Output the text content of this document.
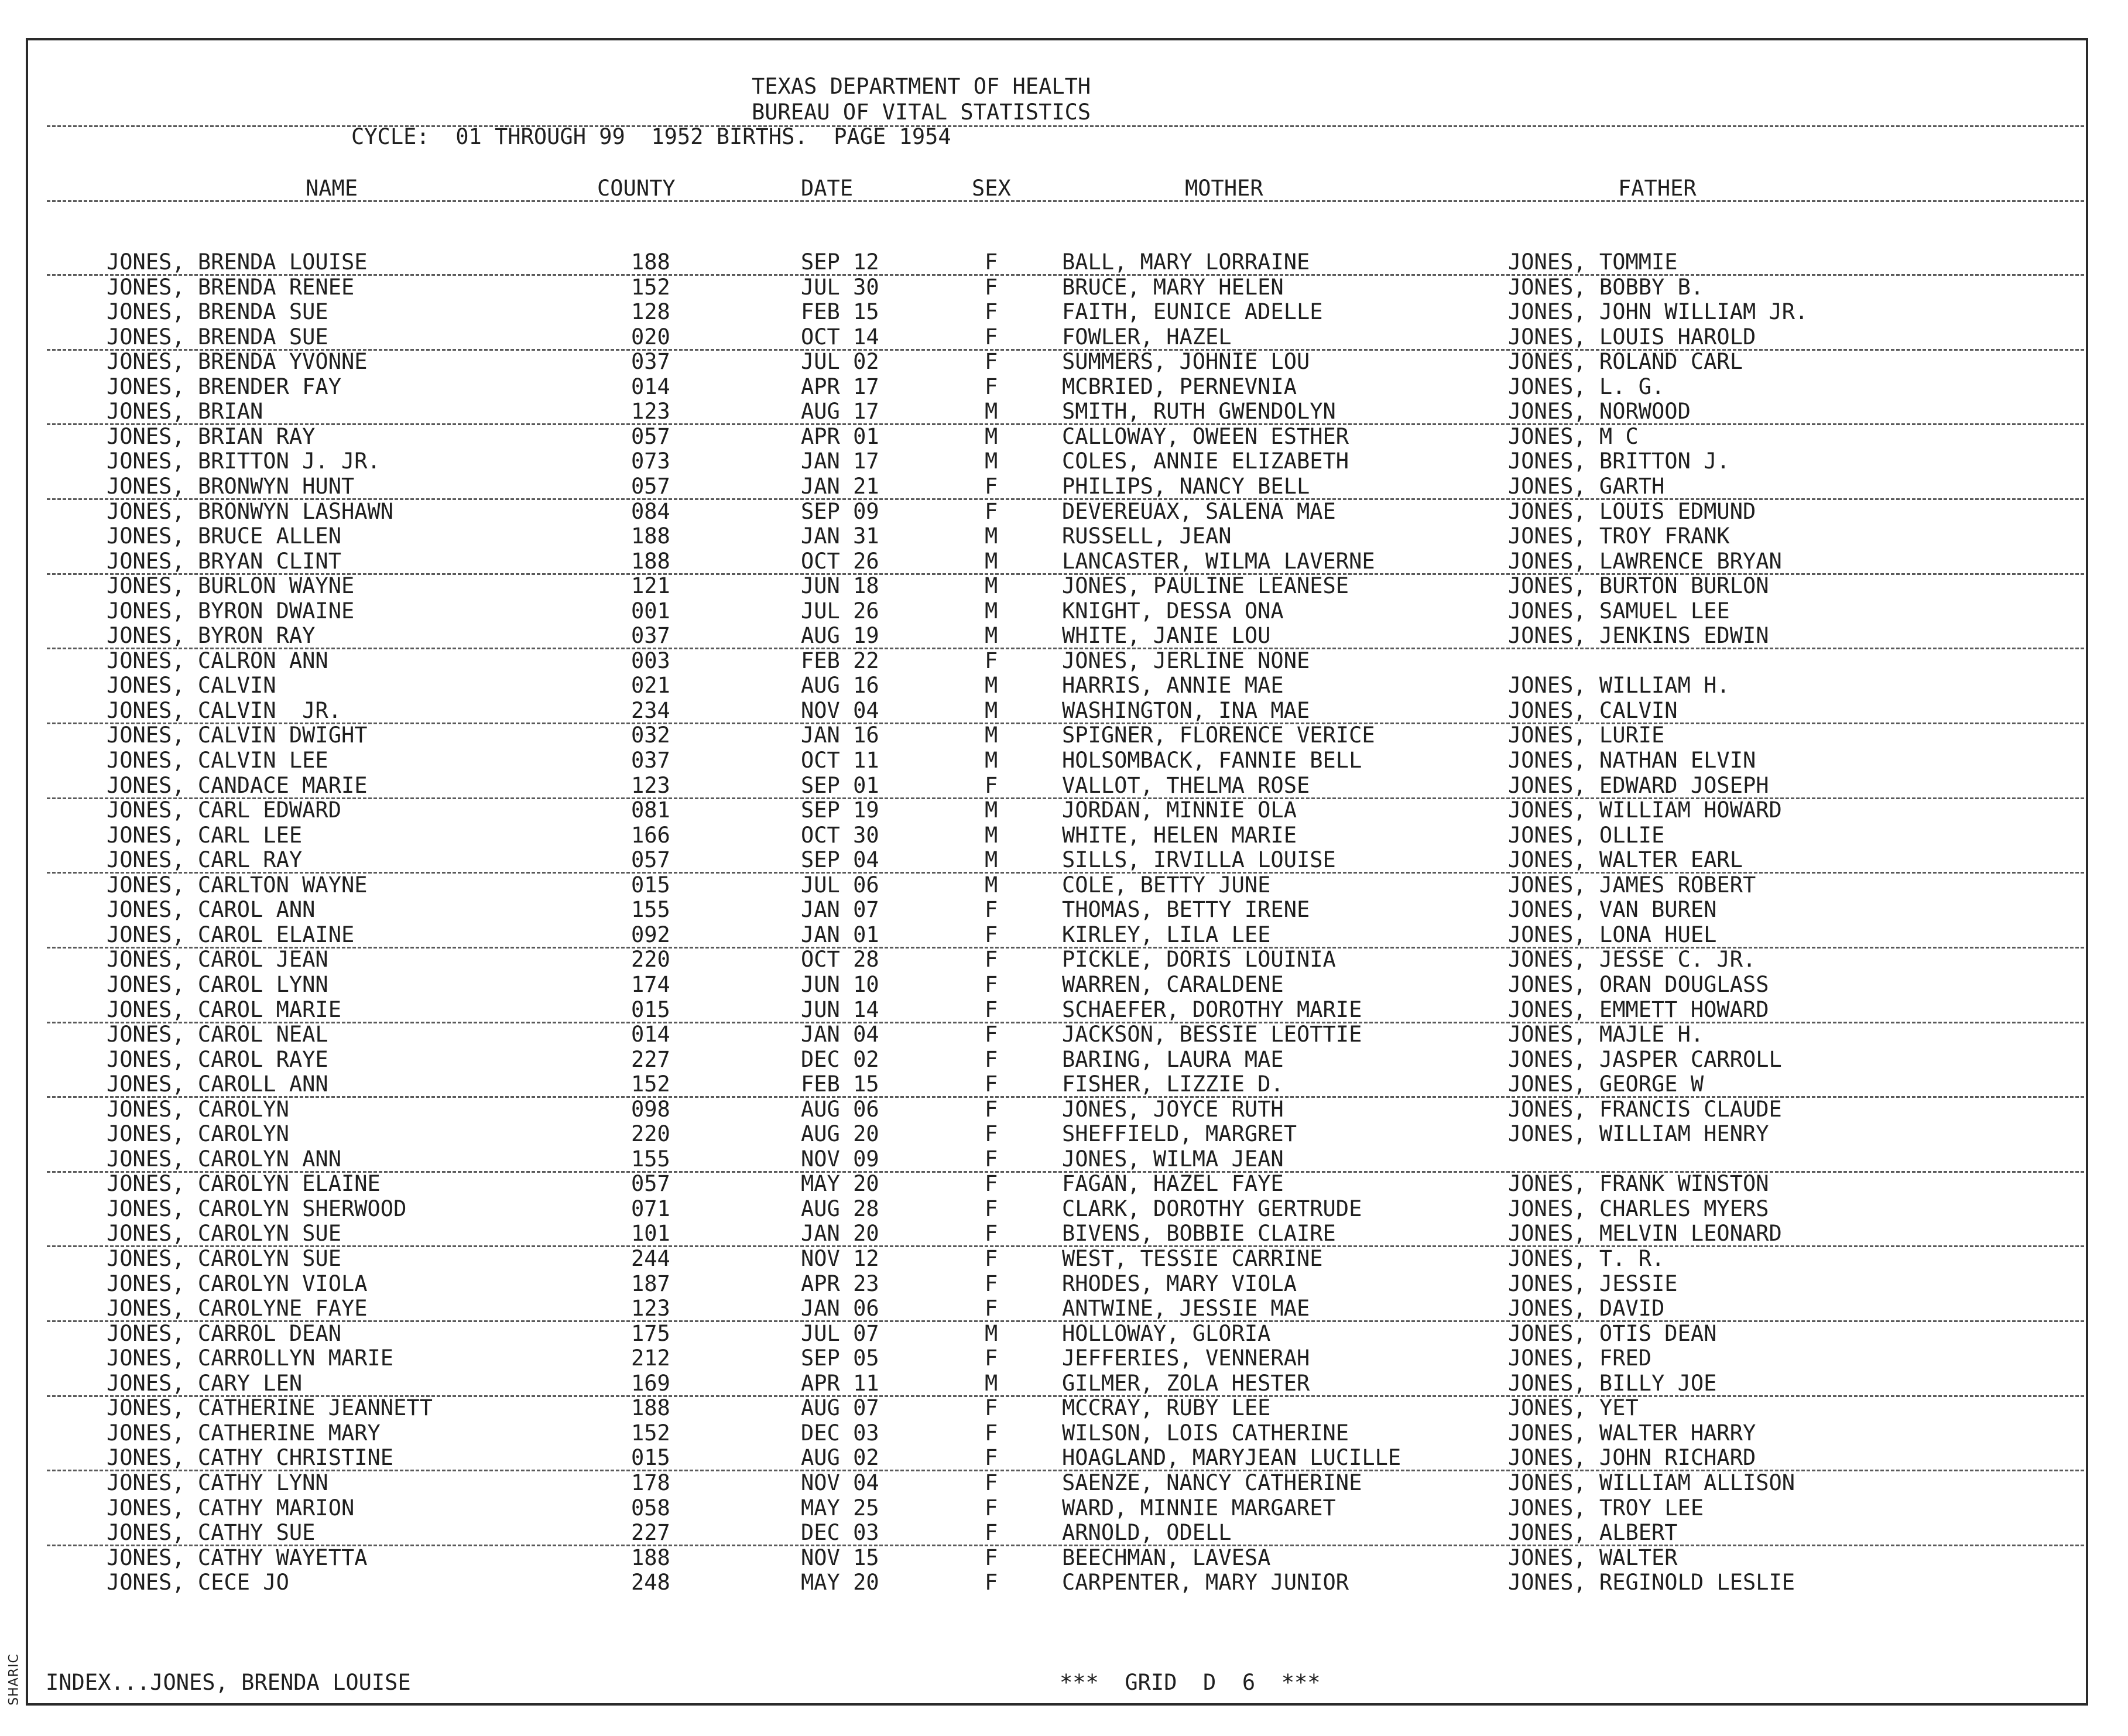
SHARIC
TEXAS DEPARTMENT OF HEALTH
BUREAU OF VITAL STATISTICS
CYCLE:  01 THROUGH 99  1952 BIRTHS.  PAGE 1954
NAME	COUNTY	DATE	SEX	MOTHER	FATHER
JONES, BRENDA LOUISE	188	SEP 12	F	BALL, MARY LORRAINE	JONES, TOMMIE
JONES, BRENDA RENEE	152	JUL 30	F	BRUCE, MARY HELEN	JONES, BOBBY B.
JONES, BRENDA SUE	128	FEB 15	F	FAITH, EUNICE ADELLE	JONES, JOHN WILLIAM JR.
JONES, BRENDA SUE	020	OCT 14	F	FOWLER, HAZEL	JONES, LOUIS HAROLD
JONES, BRENDA YVONNE	037	JUL 02	F	SUMMERS, JOHNIE LOU	JONES, ROLAND CARL
JONES, BRENDER FAY	014	APR 17	F	MCBRIED, PERNEVNIA	JONES, L. G.
JONES, BRIAN	123	AUG 17	M	SMITH, RUTH GWENDOLYN	JONES, NORWOOD
JONES, BRIAN RAY	057	APR 01	M	CALLOWAY, OWEEN ESTHER	JONES, M C
JONES, BRITTON J. JR.	073	JAN 17	M	COLES, ANNIE ELIZABETH	JONES, BRITTON J.
JONES, BRONWYN HUNT	057	JAN 21	F	PHILIPS, NANCY BELL	JONES, GARTH
JONES, BRONWYN LASHAWN	084	SEP 09	F	DEVEREUAX, SALENA MAE	JONES, LOUIS EDMUND
JONES, BRUCE ALLEN	188	JAN 31	M	RUSSELL, JEAN	JONES, TROY FRANK
JONES, BRYAN CLINT	188	OCT 26	M	LANCASTER, WILMA LAVERNE	JONES, LAWRENCE BRYAN
JONES, BURLON WAYNE	121	JUN 18	M	JONES, PAULINE LEANESE	JONES, BURTON BURLON
JONES, BYRON DWAINE	001	JUL 26	M	KNIGHT, DESSA ONA	JONES, SAMUEL LEE
JONES, BYRON RAY	037	AUG 19	M	WHITE, JANIE LOU	JONES, JENKINS EDWIN
JONES, CALRON ANN	003	FEB 22	F	JONES, JERLINE NONE
JONES, CALVIN	021	AUG 16	M	HARRIS, ANNIE MAE	JONES, WILLIAM H.
JONES, CALVIN  JR.	234	NOV 04	M	WASHINGTON, INA MAE	JONES, CALVIN
JONES, CALVIN DWIGHT	032	JAN 16	M	SPIGNER, FLORENCE VERICE	JONES, LURIE
JONES, CALVIN LEE	037	OCT 11	M	HOLSOMBACK, FANNIE BELL	JONES, NATHAN ELVIN
JONES, CANDACE MARIE	123	SEP 01	F	VALLOT, THELMA ROSE	JONES, EDWARD JOSEPH
JONES, CARL EDWARD	081	SEP 19	M	JORDAN, MINNIE OLA	JONES, WILLIAM HOWARD
JONES, CARL LEE	166	OCT 30	M	WHITE, HELEN MARIE	JONES, OLLIE
JONES, CARL RAY	057	SEP 04	M	SILLS, IRVILLA LOUISE	JONES, WALTER EARL
JONES, CARLTON WAYNE	015	JUL 06	M	COLE, BETTY JUNE	JONES, JAMES ROBERT
JONES, CAROL ANN	155	JAN 07	F	THOMAS, BETTY IRENE	JONES, VAN BUREN
JONES, CAROL ELAINE	092	JAN 01	F	KIRLEY, LILA LEE	JONES, LONA HUEL
JONES, CAROL JEAN	220	OCT 28	F	PICKLE, DORIS LOUINIA	JONES, JESSE C. JR.
JONES, CAROL LYNN	174	JUN 10	F	WARREN, CARALDENE	JONES, ORAN DOUGLASS
JONES, CAROL MARIE	015	JUN 14	F	SCHAEFER, DOROTHY MARIE	JONES, EMMETT HOWARD
JONES, CAROL NEAL	014	JAN 04	F	JACKSON, BESSIE LEOTTIE	JONES, MAJLE H.
JONES, CAROL RAYE	227	DEC 02	F	BARING, LAURA MAE	JONES, JASPER CARROLL
JONES, CAROLL ANN	152	FEB 15	F	FISHER, LIZZIE D.	JONES, GEORGE W
JONES, CAROLYN	098	AUG 06	F	JONES, JOYCE RUTH	JONES, FRANCIS CLAUDE
JONES, CAROLYN	220	AUG 20	F	SHEFFIELD, MARGRET	JONES, WILLIAM HENRY
JONES, CAROLYN ANN	155	NOV 09	F	JONES, WILMA JEAN
JONES, CAROLYN ELAINE	057	MAY 20	F	FAGAN, HAZEL FAYE	JONES, FRANK WINSTON
JONES, CAROLYN SHERWOOD	071	AUG 28	F	CLARK, DOROTHY GERTRUDE	JONES, CHARLES MYERS
JONES, CAROLYN SUE	101	JAN 20	F	BIVENS, BOBBIE CLAIRE	JONES, MELVIN LEONARD
JONES, CAROLYN SUE	244	NOV 12	F	WEST, TESSIE CARRINE	JONES, T. R.
JONES, CAROLYN VIOLA	187	APR 23	F	RHODES, MARY VIOLA	JONES, JESSIE
JONES, CAROLYNE FAYE	123	JAN 06	F	ANTWINE, JESSIE MAE	JONES, DAVID
JONES, CARROL DEAN	175	JUL 07	M	HOLLOWAY, GLORIA	JONES, OTIS DEAN
JONES, CARROLLYN MARIE	212	SEP 05	F	JEFFERIES, VENNERAH	JONES, FRED
JONES, CARY LEN	169	APR 11	M	GILMER, ZOLA HESTER	JONES, BILLY JOE
JONES, CATHERINE JEANNETT	188	AUG 07	F	MCCRAY, RUBY LEE	JONES, YET
JONES, CATHERINE MARY	152	DEC 03	F	WILSON, LOIS CATHERINE	JONES, WALTER HARRY
JONES, CATHY CHRISTINE	015	AUG 02	F	HOAGLAND, MARYJEAN LUCILLE	JONES, JOHN RICHARD
JONES, CATHY LYNN	178	NOV 04	F	SAENZE, NANCY CATHERINE	JONES, WILLIAM ALLISON
JONES, CATHY MARION	058	MAY 25	F	WARD, MINNIE MARGARET	JONES, TROY LEE
JONES, CATHY SUE	227	DEC 03	F	ARNOLD, ODELL	JONES, ALBERT
JONES, CATHY WAYETTA	188	NOV 15	F	BEECHMAN, LAVESA	JONES, WALTER
JONES, CECE JO	248	MAY 20	F	CARPENTER, MARY JUNIOR	JONES, REGINOLD LESLIE
INDEX...JONES, BRENDA LOUISE	***  GRID  D  6  ***
